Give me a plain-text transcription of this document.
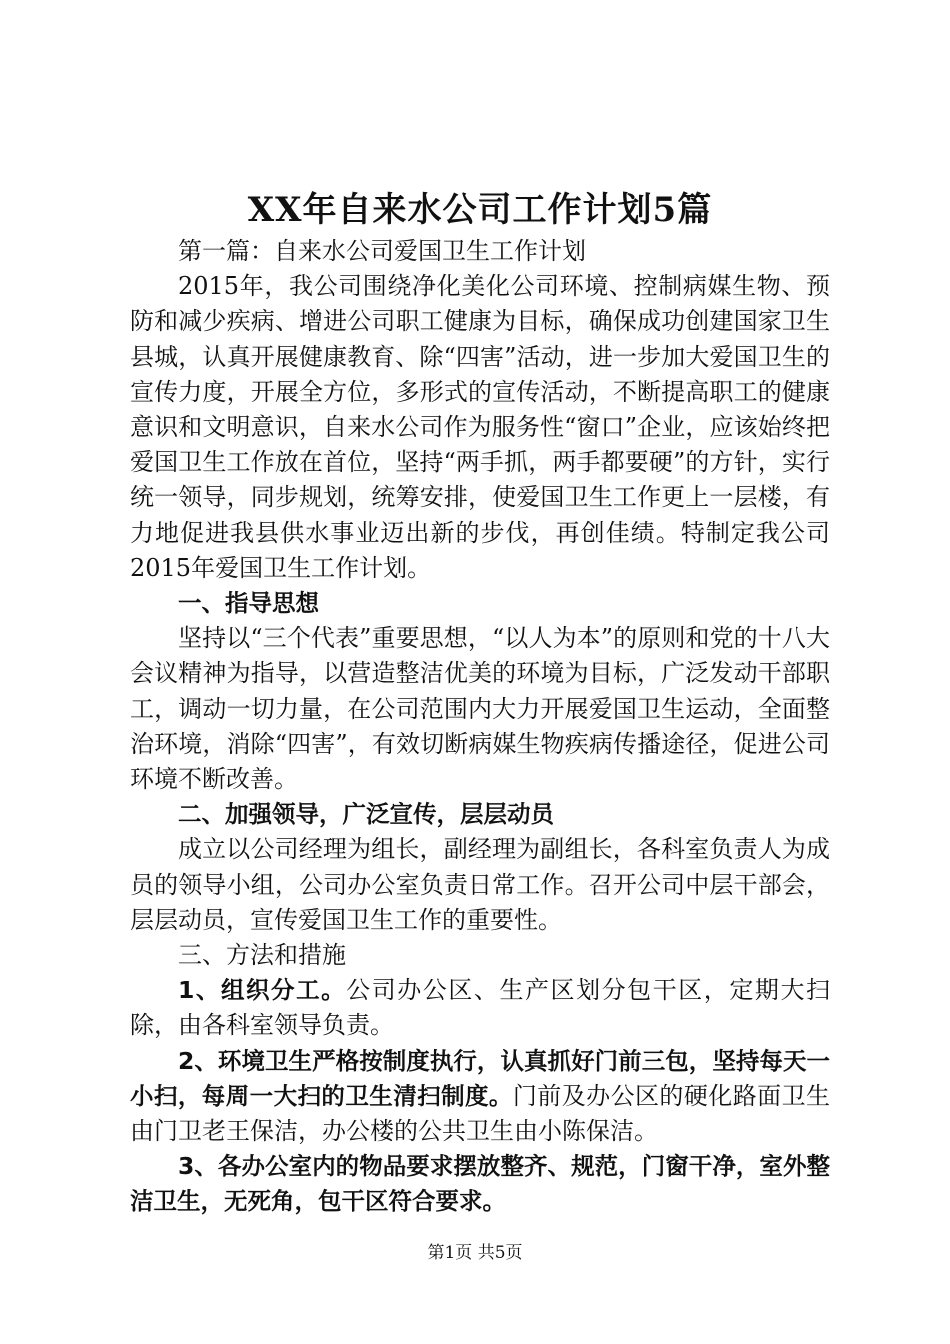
XX年自来水公司工作计划5篇

第一篇：自来水公司爱国卫生工作计划

2015年，我公司围绕净化美化公司环境、控制病媒生物、预防和减少疾病、增进公司职工健康为目标，确保成功创建国家卫生县城，认真开展健康教育、除“四害”活动，进一步加大爱国卫生的宣传力度，开展全方位，多形式的宣传活动，不断提高职工的健康意识和文明意识，自来水公司作为服务性“窗口”企业，应该始终把爱国卫生工作放在首位，坚持“两手抓，两手都要硬”的方针，实行统一领导，同步规划，统筹安排，使爱国卫生工作更上一层楼，有力地促进我县供水事业迈出新的步伐，再创佳绩。特制定我公司2015年爱国卫生工作计划。

一、指导思想

坚持以“三个代表”重要思想，“以人为本”的原则和党的十八大会议精神为指导，以营造整洁优美的环境为目标，广泛发动干部职工，调动一切力量，在公司范围内大力开展爱国卫生运动，全面整治环境，消除“四害”，有效切断病媒生物疾病传播途径，促进公司环境不断改善。

二、加强领导，广泛宣传，层层动员

成立以公司经理为组长，副经理为副组长，各科室负责人为成员的领导小组，公司办公室负责日常工作。召开公司中层干部会，层层动员，宣传爱国卫生工作的重要性。

三、方法和措施

1、组织分工。公司办公区、生产区划分包干区，定期大扫除，由各科室领导负责。

2、环境卫生严格按制度执行，认真抓好门前三包，坚持每天一小扫，每周一大扫的卫生清扫制度。门前及办公区的硬化路面卫生由门卫老王保洁，办公楼的公共卫生由小陈保洁。

3、各办公室内的物品要求摆放整齐、规范，门窗干净，室外整洁卫生，无死角，包干区符合要求。

第1页 共5页
